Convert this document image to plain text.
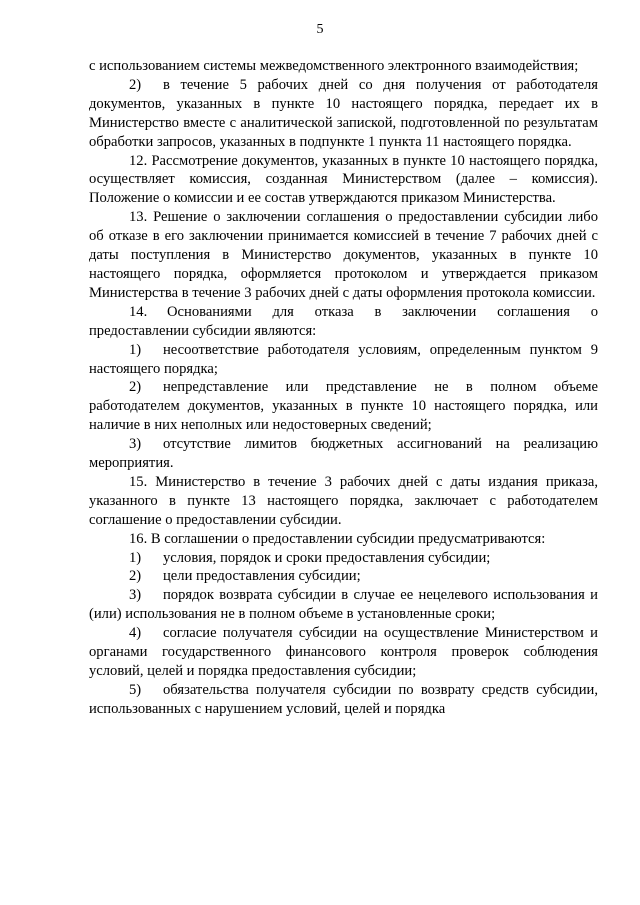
5

с использованием системы межведомственного электронного взаимодействия;

2) в течение 5 рабочих дней со дня получения от работодателя документов, указанных в пункте 10 настоящего порядка, передает их в Министерство вместе с аналитической запиской, подготовленной по результатам обработки запросов, указанных в подпункте 1 пункта 11 настоящего порядка.

12. Рассмотрение документов, указанных в пункте 10 настоящего порядка, осуществляет комиссия, созданная Министерством (далее – комиссия). Положение о комиссии и ее состав утверждаются приказом Министерства.

13. Решение о заключении соглашения о предоставлении субсидии либо об отказе в его заключении принимается комиссией в течение 7 рабочих дней с даты поступления в Министерство документов, указанных в пункте 10 настоящего порядка, оформляется протоколом и утверждается приказом Министерства в течение 3 рабочих дней с даты оформления протокола комиссии.

14. Основаниями для отказа в заключении соглашения о предоставлении субсидии являются:

1) несоответствие работодателя условиям, определенным пунктом 9 настоящего порядка;

2) непредставление или представление не в полном объеме работодателем документов, указанных в пункте 10 настоящего порядка, или наличие в них неполных или недостоверных сведений;

3) отсутствие лимитов бюджетных ассигнований на реализацию мероприятия.

15. Министерство в течение 3 рабочих дней с даты издания приказа, указанного в пункте 13 настоящего порядка, заключает с работодателем соглашение о предоставлении субсидии.

16. В соглашении о предоставлении субсидии предусматриваются:

1) условия, порядок и сроки предоставления субсидии;

2) цели предоставления субсидии;

3) порядок возврата субсидии в случае ее нецелевого использования и (или) использования не в полном объеме в установленные сроки;

4) согласие получателя субсидии на осуществление Министерством и органами государственного финансового контроля проверок соблюдения условий, целей и порядка предоставления субсидии;

5) обязательства получателя субсидии по возврату средств субсидии, использованных с нарушением условий, целей и порядка
